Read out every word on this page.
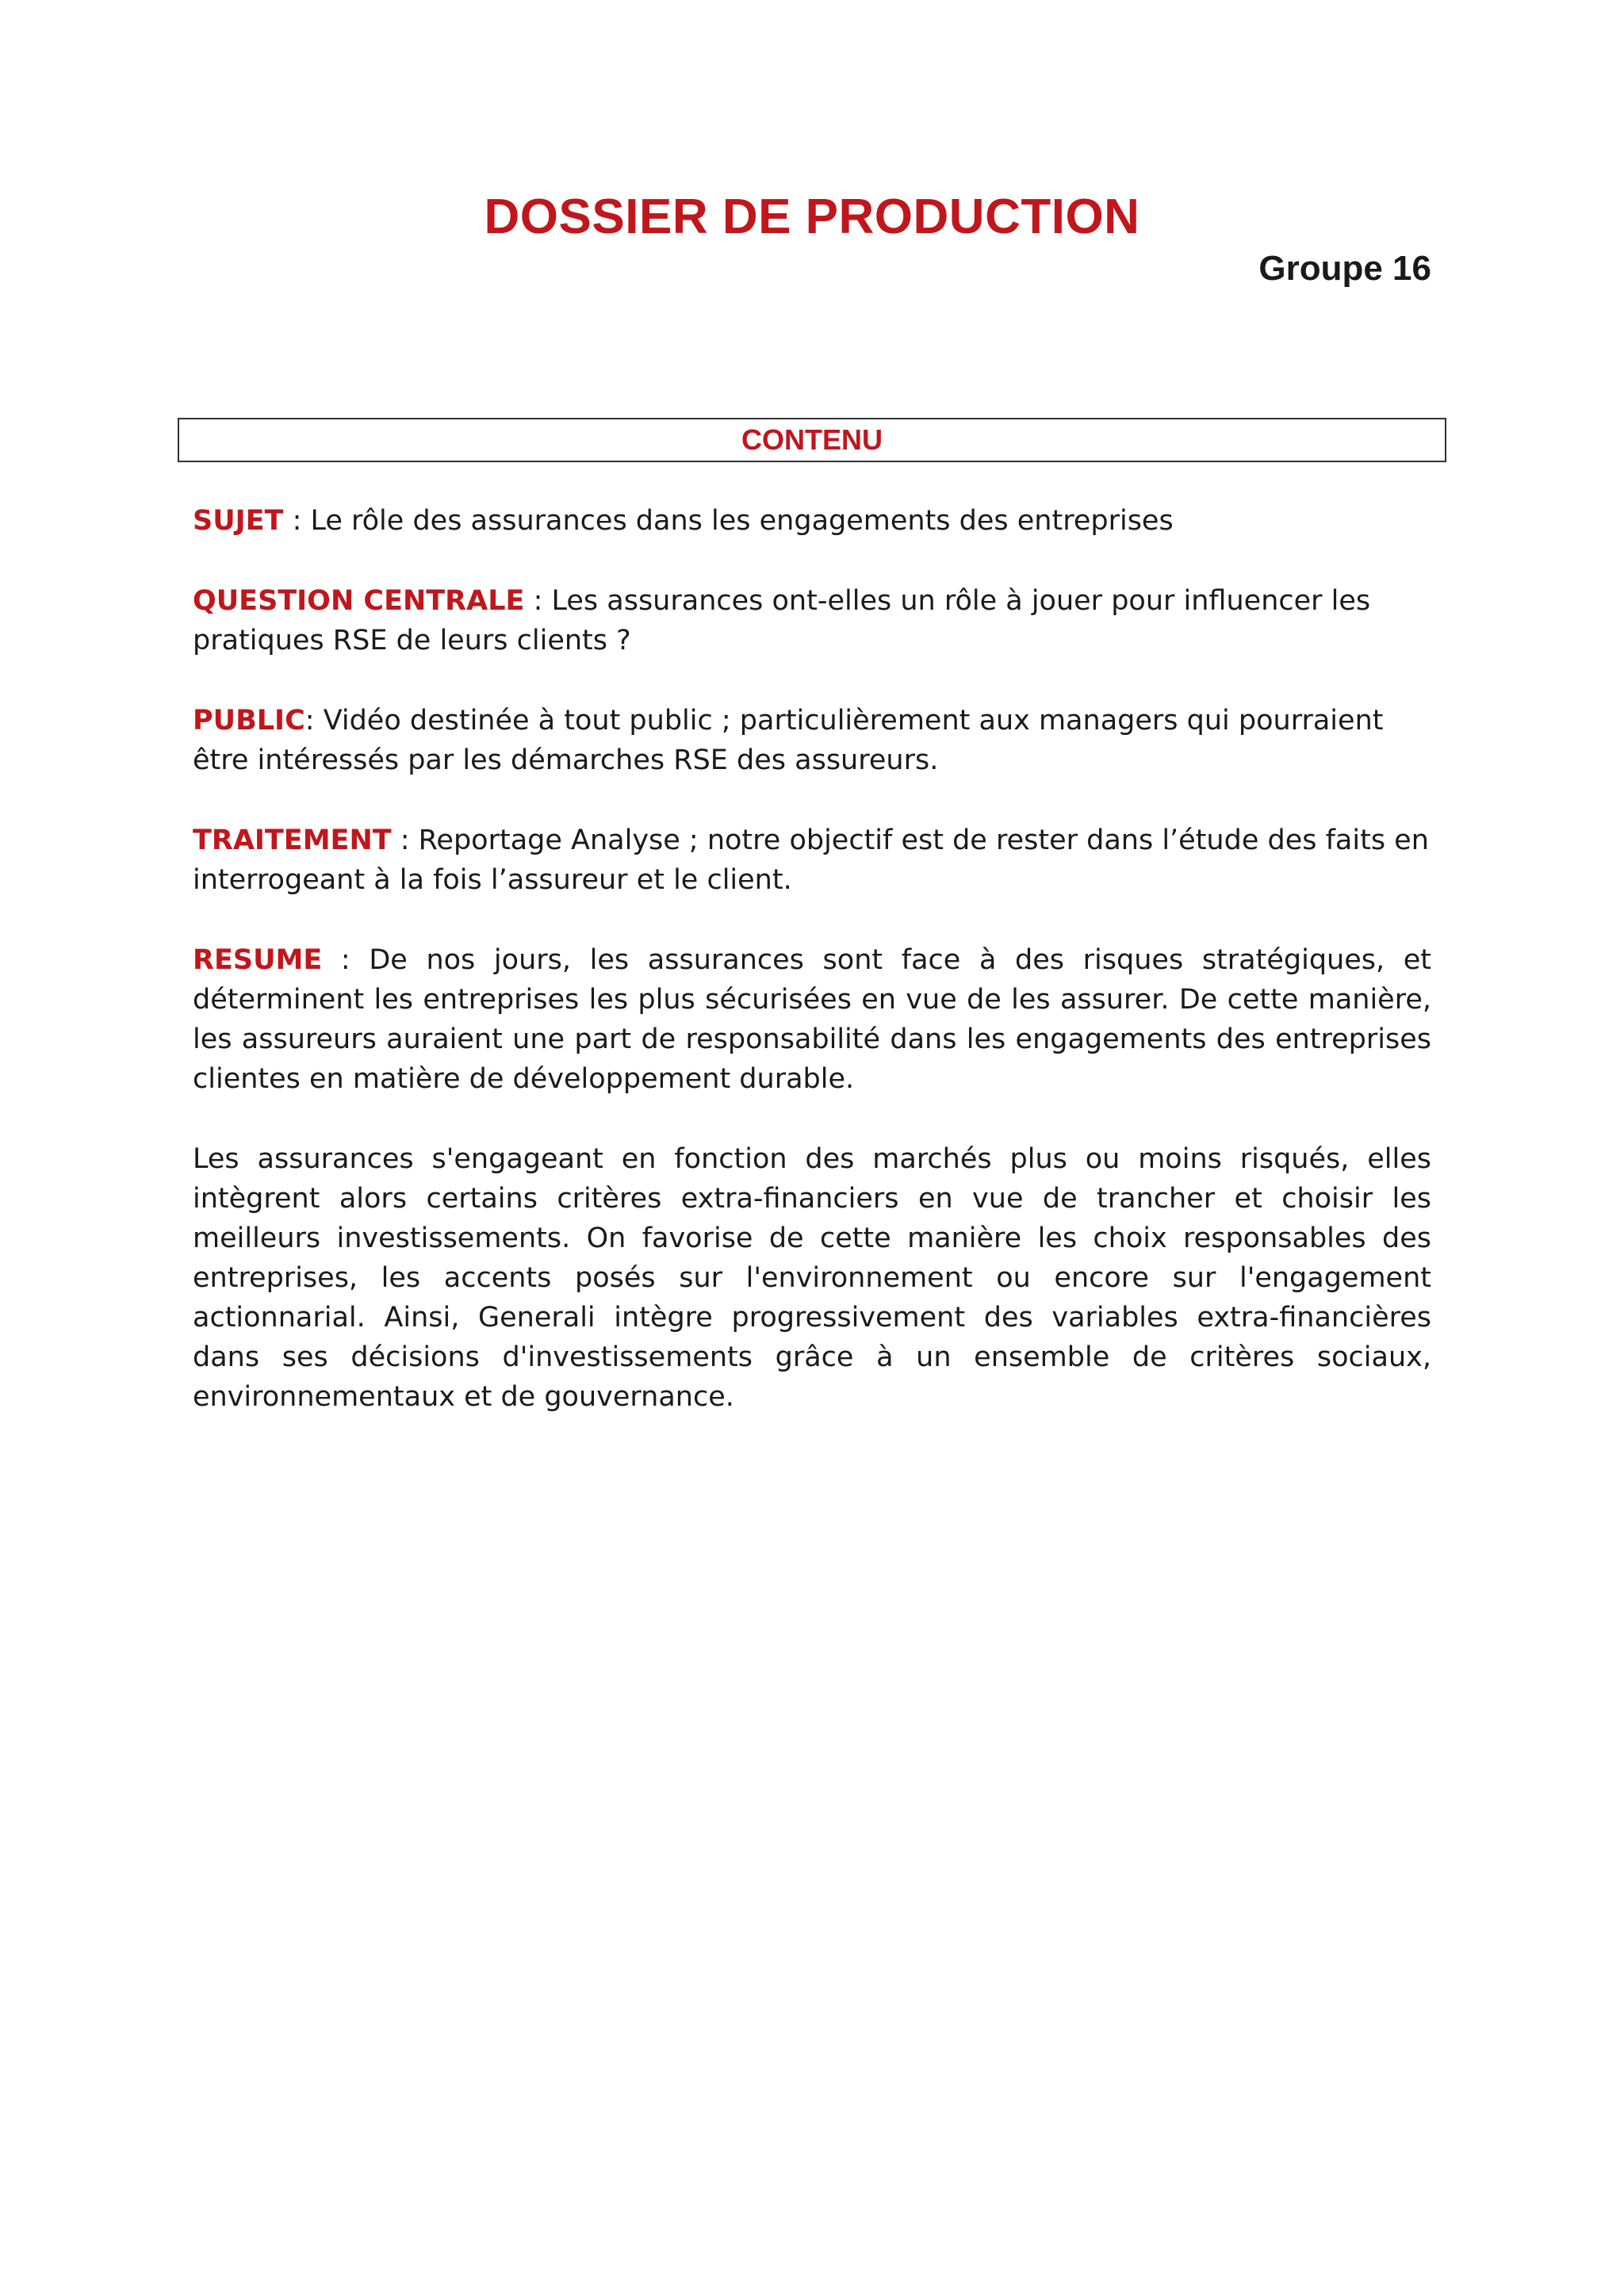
DOSSIER DE PRODUCTION
Groupe 16
CONTENU

SUJET : Le rôle des assurances dans les engagements des entreprises

QUESTION CENTRALE : Les assurances ont-elles un rôle à jouer pour influencer les pratiques RSE de leurs clients ?

PUBLIC: Vidéo destinée à tout public ; particulièrement aux managers qui pourraient être intéressés par les démarches RSE des assureurs.

TRAITEMENT : Reportage Analyse ; notre objectif est de rester dans l’étude des faits en interrogeant à la fois l’assureur et le client.

RESUME : De nos jours, les assurances sont face à des risques stratégiques, et déterminent les entreprises les plus sécurisées en vue de les assurer. De cette manière, les assureurs auraient une part de responsabilité dans les engagements des entreprises clientes en matière de développement durable.

Les assurances s'engageant en fonction des marchés plus ou moins risqués, elles intègrent alors certains critères extra-financiers en vue de trancher et choisir les meilleurs investissements. On favorise de cette manière les choix responsables des entreprises, les accents posés sur l'environnement ou encore sur l'engagement actionnarial. Ainsi, Generali intègre progressivement des variables extra-financières dans ses décisions d'investissements grâce à un ensemble de critères sociaux, environnementaux et de gouvernance.
